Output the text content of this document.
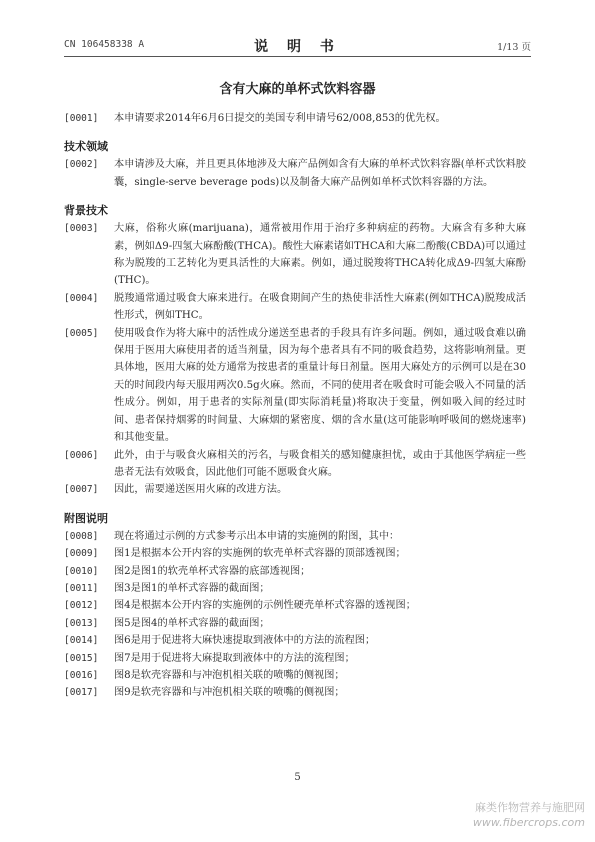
CN 106458338 A	说 明 书	1/13 页
含有大麻的单杯式饮料容器
[0001]	本申请要求2014年6月6日提交的美国专利申请号62/008,853的优先权。
技术领域
[0002]	本申请涉及大麻，并且更具体地涉及大麻产品例如含有大麻的单杯式饮料容器(单杯式饮料胶囊，single-serve beverage pods)以及制备大麻产品例如单杯式饮料容器的方法。
背景技术
[0003]	大麻，俗称火麻(marijuana)，通常被用作用于治疗多种病症的药物。大麻含有多种大麻素，例如Δ9-四氢大麻酚酸(THCA)。酸性大麻素诸如THCA和大麻二酚酸(CBDA)可以通过称为脱羧的工艺转化为更具活性的大麻素。例如，通过脱羧将THCA转化成Δ9-四氢大麻酚(THC)。
[0004]	脱羧通常通过吸食大麻来进行。在吸食期间产生的热使非活性大麻素(例如THCA)脱羧成活性形式，例如THC。
[0005]	使用吸食作为将大麻中的活性成分递送至患者的手段具有许多问题。例如，通过吸食难以确保用于医用大麻使用者的适当剂量，因为每个患者具有不同的吸食趋势，这将影响剂量。更具体地，医用大麻的处方通常为按患者的重量计每日剂量。医用大麻处方的示例可以是在30天的时间段内每天服用两次0.5g火麻。然而，不同的使用者在吸食时可能会吸入不同量的活性成分。例如，用于患者的实际剂量(即实际消耗量)将取决于变量，例如吸入间的经过时间、患者保持烟雾的时间量、大麻烟的紧密度、烟的含水量(这可能影响呼吸间的燃烧速率)和其他变量。
[0006]	此外，由于与吸食火麻相关的污名，与吸食相关的感知健康担忧，或由于其他医学病症一些患者无法有效吸食，因此他们可能不愿吸食火麻。
[0007]	因此，需要递送医用火麻的改进方法。
附图说明
[0008]	现在将通过示例的方式参考示出本申请的实施例的附图，其中：
[0009]	图1是根据本公开内容的实施例的软壳单杯式容器的顶部透视图；
[0010]	图2是图1的软壳单杯式容器的底部透视图；
[0011]	图3是图1的单杯式容器的截面图；
[0012]	图4是根据本公开内容的实施例的示例性硬壳单杯式容器的透视图；
[0013]	图5是图4的单杯式容器的截面图；
[0014]	图6是用于促进将大麻快速提取到液体中的方法的流程图；
[0015]	图7是用于促进将大麻提取到液体中的方法的流程图；
[0016]	图8是软壳容器和与冲泡机相关联的喷嘴的侧视图；
[0017]	图9是软壳容器和与冲泡机相关联的喷嘴的侧视图；
5
麻类作物营养与施肥网
www.fibercrops.com
